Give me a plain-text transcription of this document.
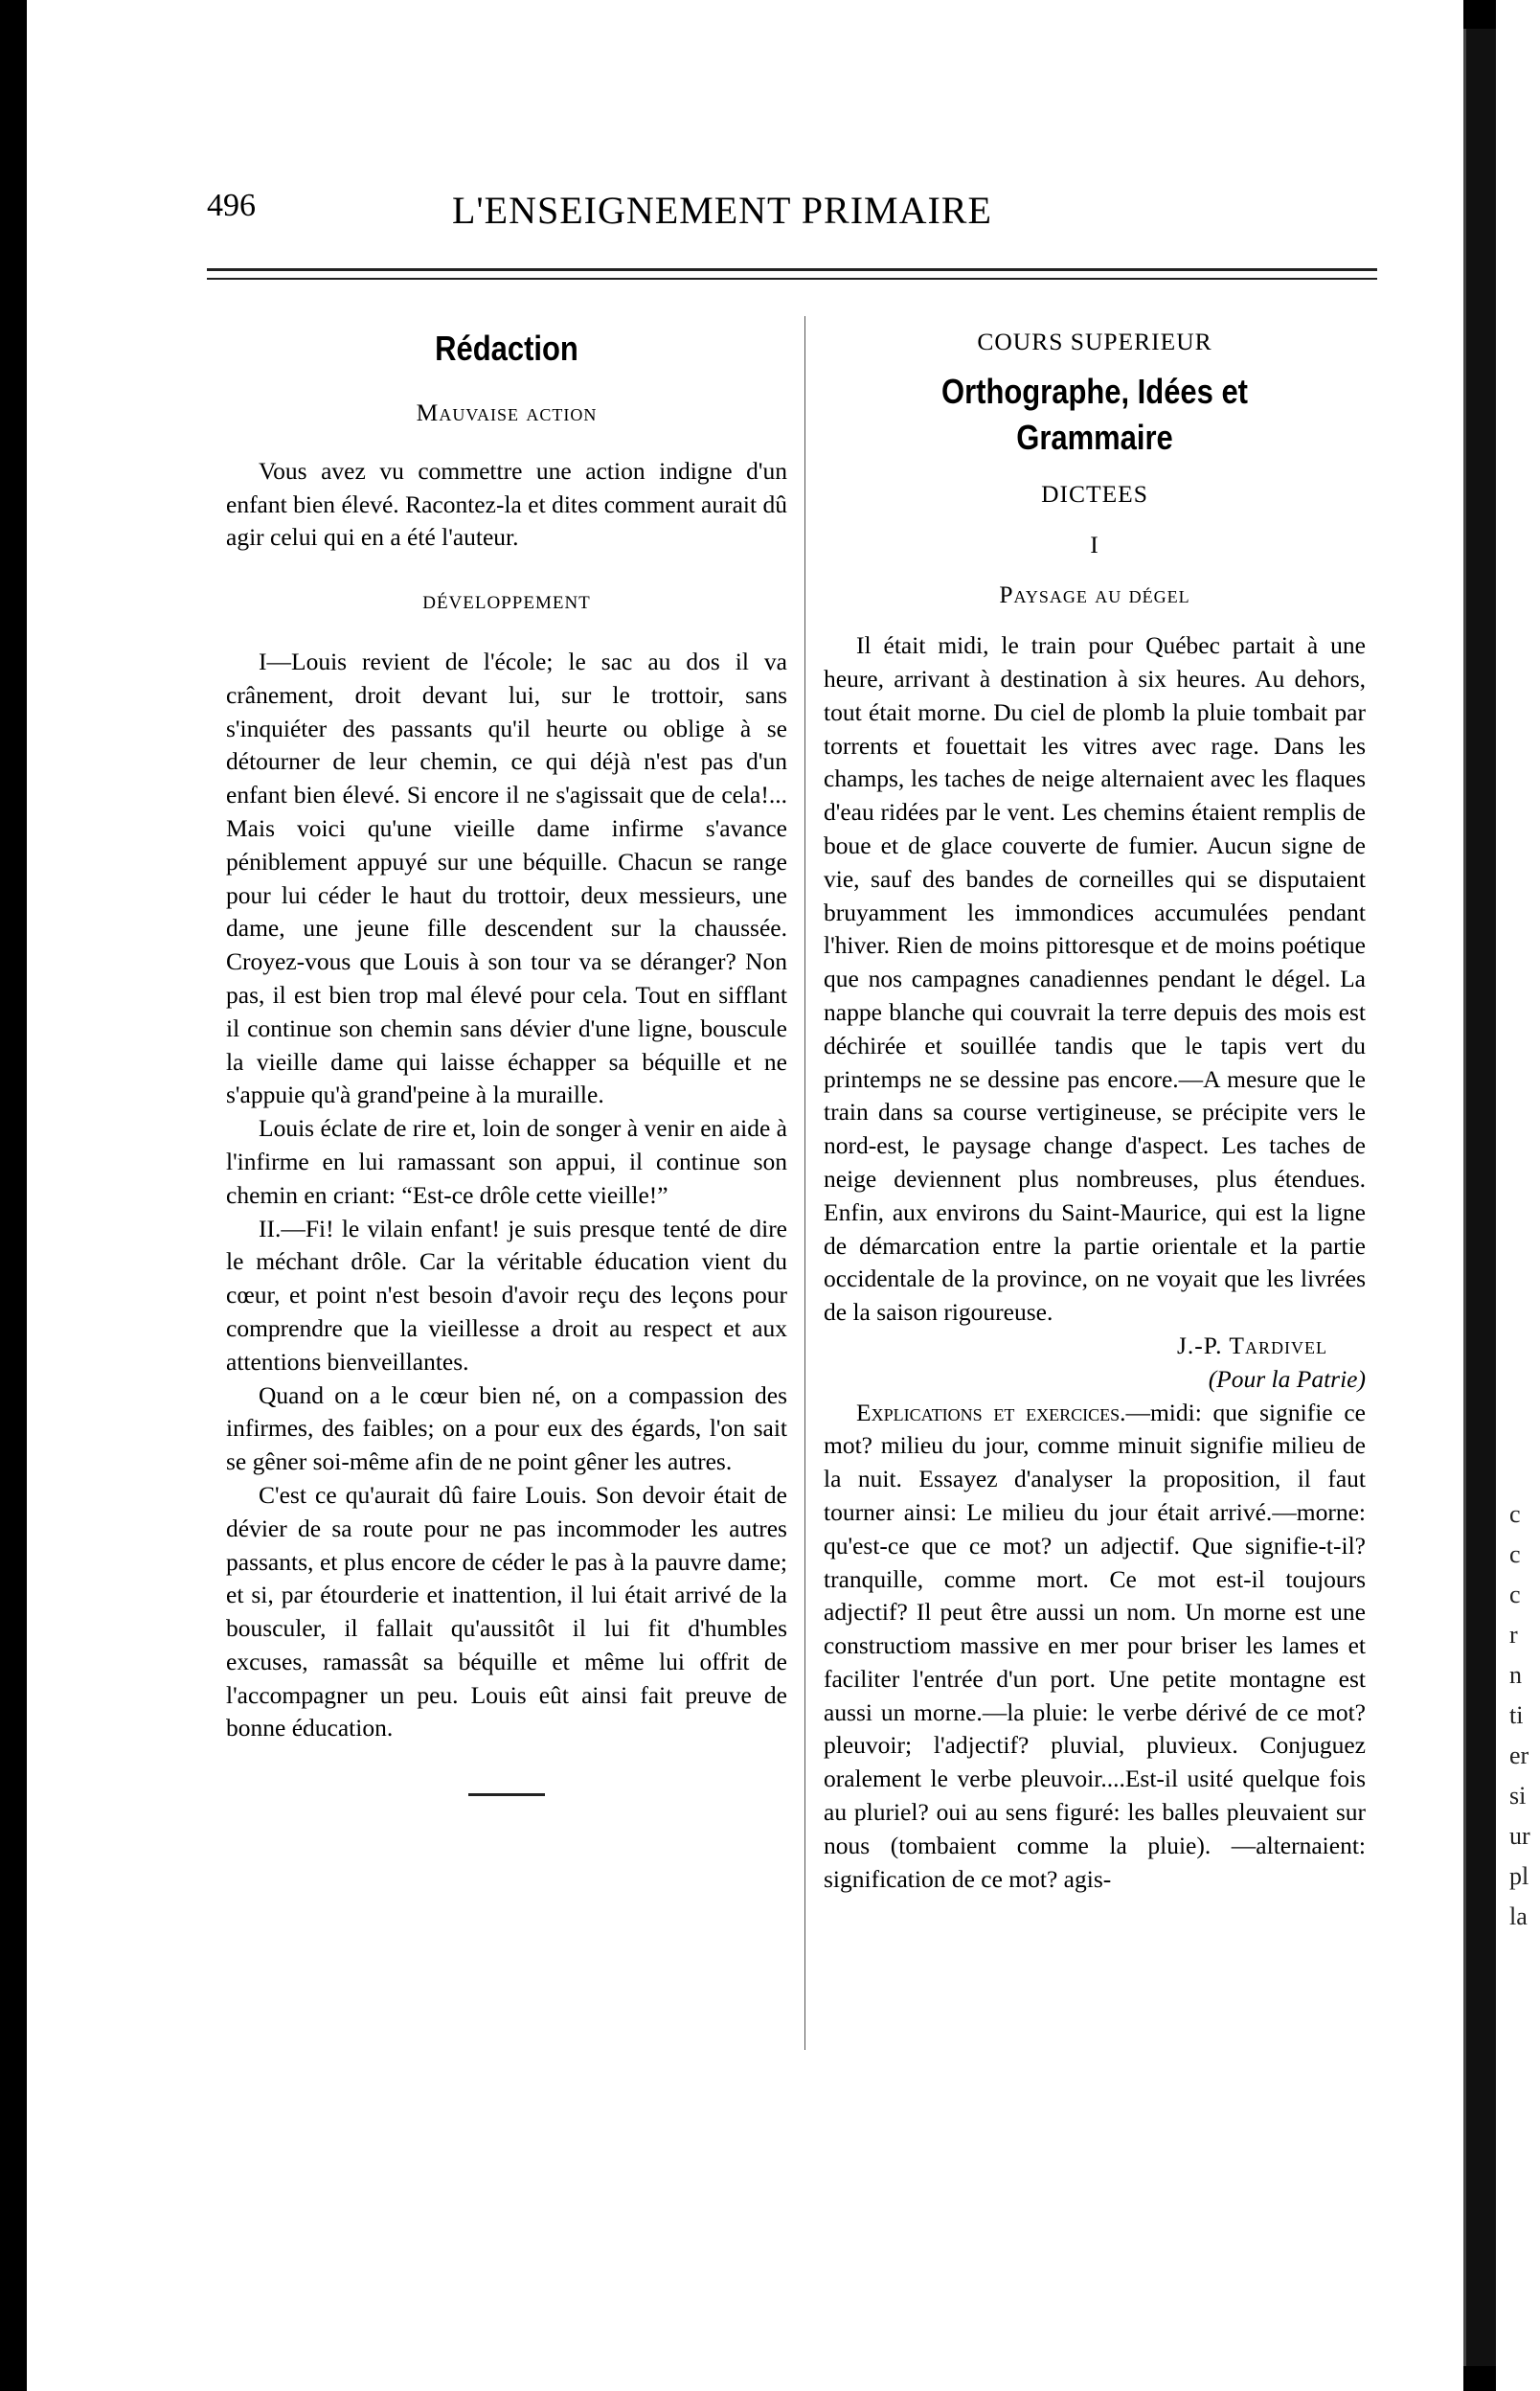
c
c
c
r
n
ti
er
si
ur
pl
la
496	L'ENSEIGNEMENT PRIMAIRE
Rédaction
Mauvaise action

Vous avez vu commettre une action indigne d'un enfant bien élevé. Racontez-la et dites comment aurait dû agir celui qui en a été l'auteur.

DÉVELOPPEMENT

I—Louis revient de l'école; le sac au dos il va crânement, droit devant lui, sur le trottoir, sans s'inquiéter des passants qu'il heurte ou oblige à se détourner de leur chemin, ce qui déjà n'est pas d'un enfant bien élevé. Si encore il ne s'agissait que de cela!... Mais voici qu'une vieille dame infirme s'avance péniblement appuyé sur une béquille. Chacun se range pour lui céder le haut du trottoir, deux messieurs, une dame, une jeune fille descendent sur la chaussée. Croyez-vous que Louis à son tour va se déranger? Non pas, il est bien trop mal élevé pour cela. Tout en sifflant il continue son chemin sans dévier d'une ligne, bouscule la vieille dame qui laisse échapper sa béquille et ne s'appuie qu'à grand'peine à la muraille.

Louis éclate de rire et, loin de songer à venir en aide à l'infirme en lui ramassant son appui, il continue son chemin en criant: “Est-ce drôle cette vieille!”

II.—Fi! le vilain enfant! je suis presque tenté de dire le méchant drôle. Car la véritable éducation vient du cœur, et point n'est besoin d'avoir reçu des leçons pour comprendre que la vieillesse a droit au respect et aux attentions bienveillantes.

Quand on a le cœur bien né, on a compassion des infirmes, des faibles; on a pour eux des égards, l'on sait se gêner soi-même afin de ne point gêner les autres.

C'est ce qu'aurait dû faire Louis. Son devoir était de dévier de sa route pour ne pas incommoder les autres passants, et plus encore de céder le pas à la pauvre dame; et si, par étourderie et inattention, il lui était arrivé de la bousculer, il fallait qu'aussitôt il lui fit d'humbles excuses, ramassât sa béquille et même lui offrit de l'accompagner un peu. Louis eût ainsi fait preuve de bonne éducation.

COURS SUPERIEUR
Orthographe, Idées et Grammaire
DICTEES
I
Paysage au dégel

Il était midi, le train pour Québec partait à une heure, arrivant à destination à six heures. Au dehors, tout était morne. Du ciel de plomb la pluie tombait par torrents et fouettait les vitres avec rage. Dans les champs, les taches de neige alternaient avec les flaques d'eau ridées par le vent. Les chemins étaient remplis de boue et de glace couverte de fumier. Aucun signe de vie, sauf des bandes de corneilles qui se disputaient bruyamment les immondices accumulées pendant l'hiver. Rien de moins pittoresque et de moins poétique que nos campagnes canadiennes pendant le dégel. La nappe blanche qui couvrait la terre depuis des mois est déchirée et souillée tandis que le tapis vert du printemps ne se dessine pas encore.—A mesure que le train dans sa course vertigineuse, se précipite vers le nord-est, le paysage change d'aspect. Les taches de neige deviennent plus nombreuses, plus étendues. Enfin, aux environs du Saint-Maurice, qui est la ligne de démarcation entre la partie orientale et la partie occidentale de la province, on ne voyait que les livrées de la saison rigoureuse.

J.-P. Tardivel
(Pour la Patrie)

Explications et exercices.—midi: que signifie ce mot? milieu du jour, comme minuit signifie milieu de la nuit. Essayez d'analyser la proposition, il faut tourner ainsi: Le milieu du jour était arrivé.—morne: qu'est-ce que ce mot? un adjectif. Que signifie-t-il? tranquille, comme mort. Ce mot est-il toujours adjectif? Il peut être aussi un nom. Un morne est une constructiom massive en mer pour briser les lames et faciliter l'entrée d'un port. Une petite montagne est aussi un morne.—la pluie: le verbe dérivé de ce mot? pleuvoir; l'adjectif? pluvial, pluvieux. Conjuguez oralement le verbe pleuvoir....Est-il usité quelque fois au pluriel? oui au sens figuré: les balles pleuvaient sur nous (tombaient comme la pluie). —alternaient: signification de ce mot? agis-
